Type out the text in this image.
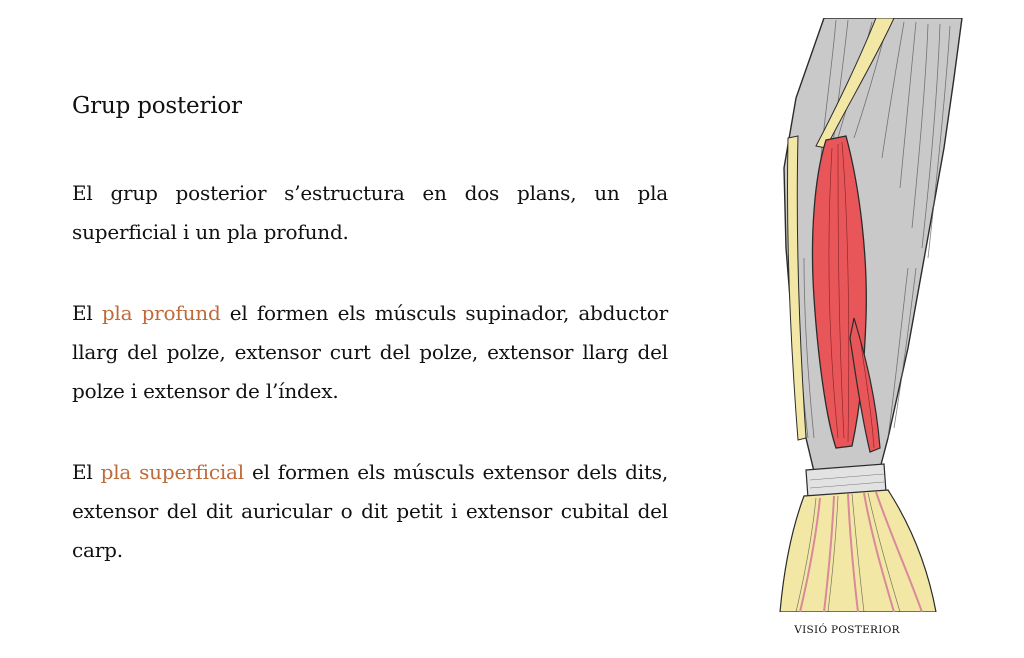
Grup posterior

El grup posterior s’estructura en dos plans, un pla superficial i un pla profund.

El pla profund el formen els músculs supinador, abductor llarg del polze, extensor curt del polze, extensor llarg del polze i extensor de l’índex.

El pla superficial el formen els músculs extensor dels dits, extensor del dit auricular o dit petit i extensor cubital del carp.

VISIÓ POSTERIOR
